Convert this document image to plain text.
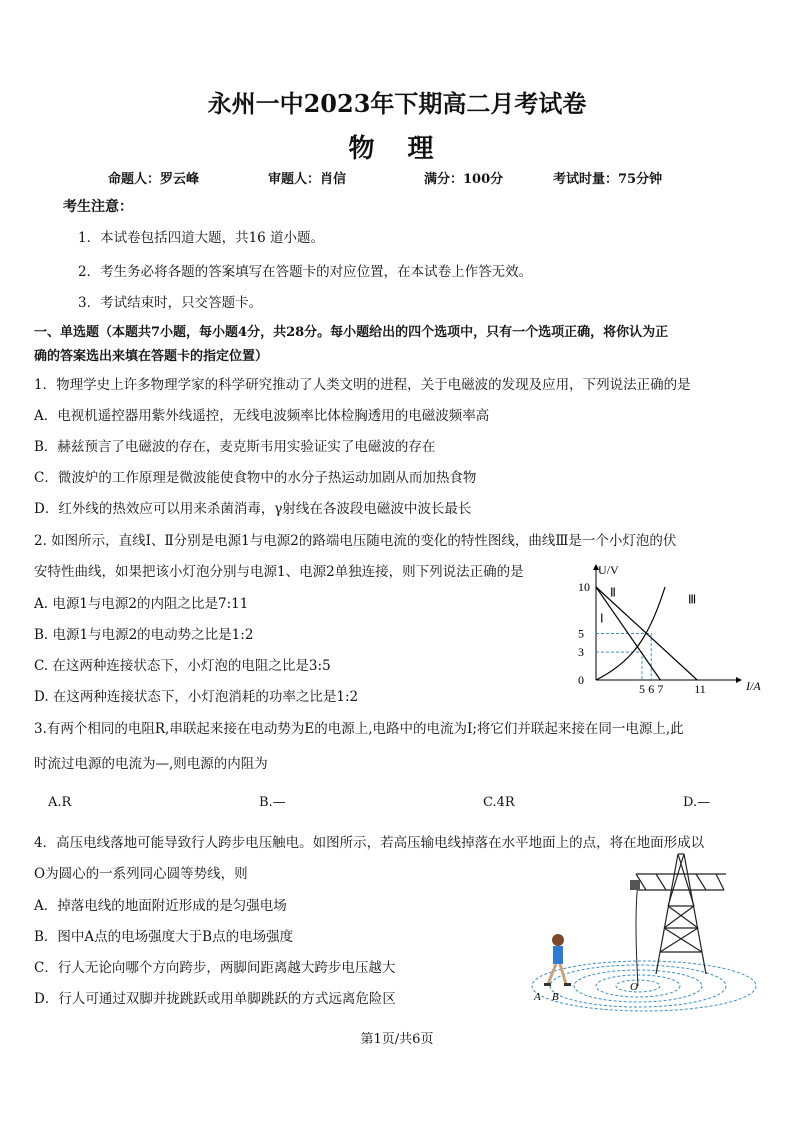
永州一中2023年下期高二月考试卷
物 理
命题人：罗云峰	审题人：肖信	满分：100分	考试时量：75分钟
考生注意：
1．本试卷包括四道大题，共16 道小题。
2．考生务必将各题的答案填写在答题卡的对应位置，在本试卷上作答无效。
3．考试结束时，只交答题卡。
一、单选题（本题共7小题，每小题4分，共28分。每小题给出的四个选项中，只有一个选项正确，将你认为正
确的答案选出来填在答题卡的指定位置）
1．物理学史上许多物理学家的科学研究推动了人类文明的进程，关于电磁波的发现及应用，下列说法正确的是
A．电视机遥控器用紫外线遥控，无线电波频率比体检胸透用的电磁波频率高
B．赫兹预言了电磁波的存在，麦克斯韦用实验证实了电磁波的存在
C．微波炉的工作原理是微波能使食物中的水分子热运动加剧从而加热食物
D．红外线的热效应可以用来杀菌消毒，γ射线在各波段电磁波中波长最长
2. 如图所示，直线Ⅰ、Ⅱ分别是电源1与电源2的路端电压随电流的变化的特性图线，曲线Ⅲ是一个小灯泡的伏
安特性曲线，如果把该小灯泡分别与电源1、电源2单独连接，则下列说法正确的是
A. 电源1与电源2的内阻之比是7:11
B. 电源1与电源2的电动势之比是1:2
C. 在这两种连接状态下，小灯泡的电阻之比是3:5
D. 在这两种连接状态下，小灯泡消耗的功率之比是1:2
U/V
I/A
Ⅰ
Ⅱ
Ⅲ
0
3
5
10
5 6 7	11
3.有两个相同的电阻R,串联起来接在电动势为E的电源上,电路中的电流为I;将它们并联起来接在同一电源上,此
时流过电源的电流为—,则电源的内阻为
A.R	B.—	C.4R	D.—
4．高压电线落地可能导致行人跨步电压触电。如图所示，若高压输电线掉落在水平地面上的点，将在地面形成以
O为圆心的一系列同心圆等势线，则
A．掉落电线的地面附近形成的是匀强电场
B．图中A点的电场强度大于B点的电场强度
C．行人无论向哪个方向跨步，两脚间距离越大跨步电压越大
D．行人可通过双脚并拢跳跃或用单脚跳跃的方式远离危险区	A B
O
第1页/共6页
